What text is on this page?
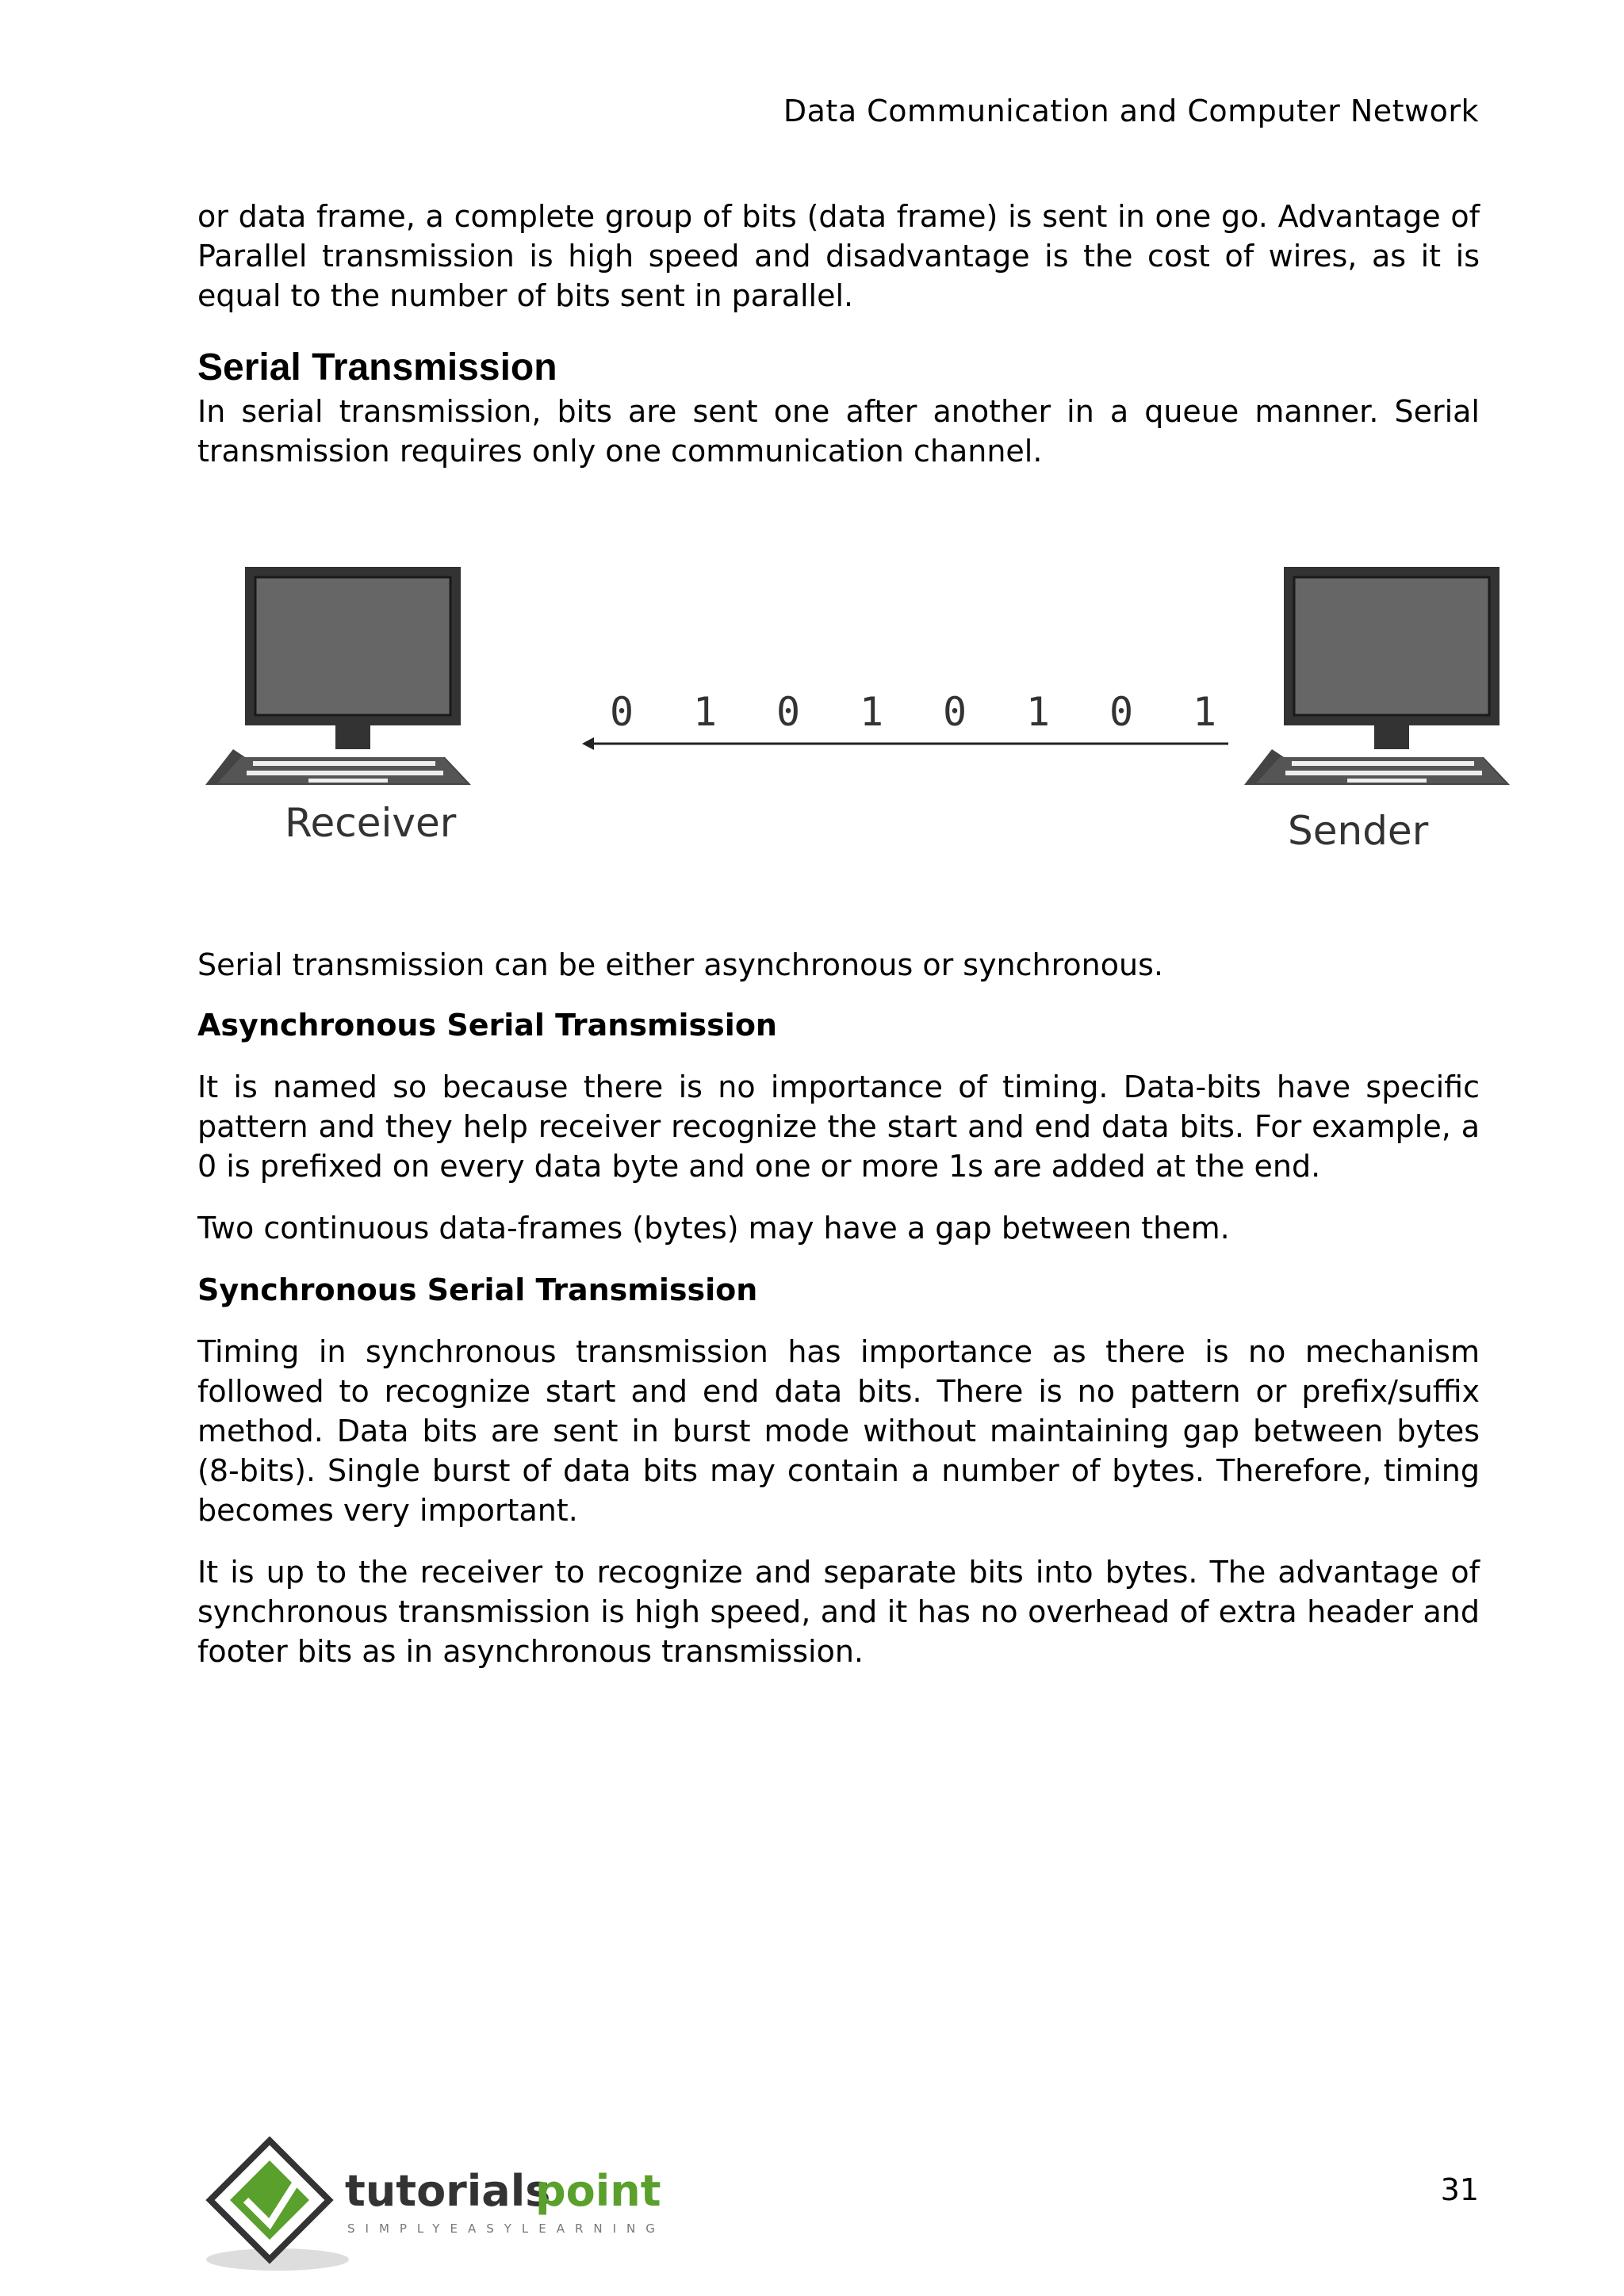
Data Communication and Computer Network

or data frame, a complete group of bits (data frame) is sent in one go. Advantage of Parallel transmission is high speed and disadvantage is the cost of wires, as it is equal to the number of bits sent in parallel.

Serial Transmission

In serial transmission, bits are sent one after another in a queue manner. Serial transmission requires only one communication channel.

Serial transmission can be either asynchronous or synchronous.

Asynchronous Serial Transmission

It is named so because there is no importance of timing. Data-bits have specific pattern and they help receiver recognize the start and end data bits. For example, a 0 is prefixed on every data byte and one or more 1s are added at the end.

Two continuous data-frames (bytes) may have a gap between them.

Synchronous Serial Transmission

Timing in synchronous transmission has importance as there is no mechanism followed to recognize start and end data bits. There is no pattern or prefix/suffix method. Data bits are sent in burst mode without maintaining gap between bytes (8-bits). Single burst of data bits may contain a number of bytes. Therefore, timing becomes very important.

It is up to the receiver to recognize and separate bits into bytes. The advantage of synchronous transmission is high speed, and it has no overhead of extra header and footer bits as in asynchronous transmission.

Receiver
0 1 0 1 0 1 0 1
Sender
tutorials
point
SIMPLYEASYLEARNING
31
